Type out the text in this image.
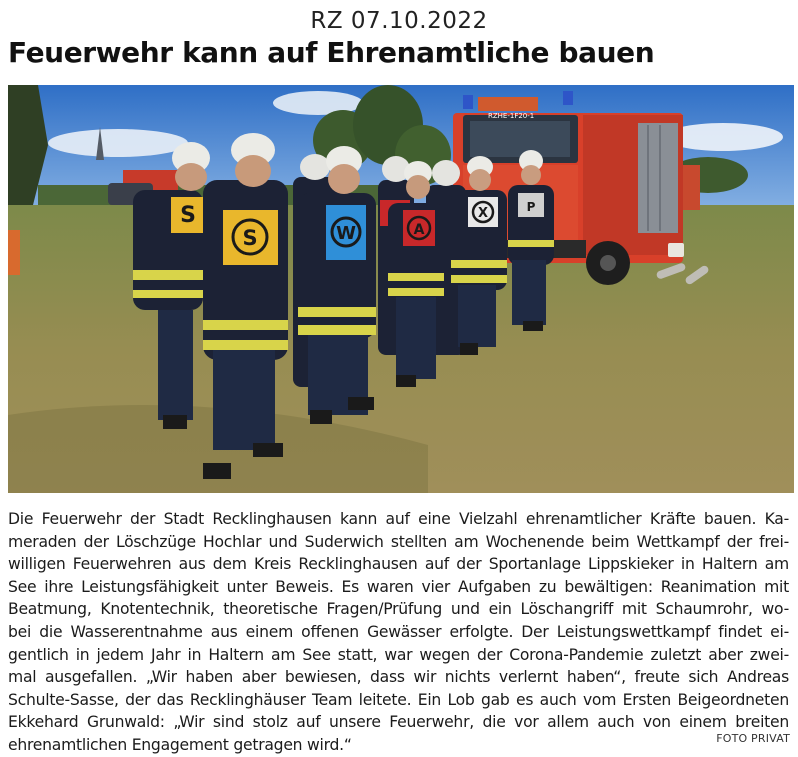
RZ 07.10.2022
Feuerwehr kann auf Ehrenamtliche bauen
RZHE-1F20-1
S
S	W	A
X	P
Die Feuerwehr der Stadt Recklinghausen kann auf eine Vielzahl ehrenamtlicher Kräfte bauen. Ka-
meraden der Löschzüge Hochlar und Suderwich stellten am Wochenende beim Wettkampf der frei-
willigen Feuerwehren aus dem Kreis Recklinghausen auf der Sportanlage Lippskieker in Haltern am
See ihre Leistungsfähigkeit unter Beweis. Es waren vier Aufgaben zu bewältigen: Reanimation mit
Beatmung, Knotentechnik, theoretische Fragen/Prüfung und ein Löschangriff mit Schaumrohr, wo-
bei die Wasserentnahme aus einem offenen Gewässer erfolgte. Der Leistungswettkampf findet ei-
gentlich in jedem Jahr in Haltern am See statt, war wegen der Corona-Pandemie zuletzt aber zwei-
mal ausgefallen. „Wir haben aber bewiesen, dass wir nichts verlernt haben“, freute sich Andreas
Schulte-Sasse, der das Recklinghäuser Team leitete. Ein Lob gab es auch vom Ersten Beigeordneten
Ekkehard Grunwald: „Wir sind stolz auf unsere Feuerwehr, die vor allem auch von einem breiten
ehrenamtlichen Engagement getragen wird.“	FOTO PRIVAT
